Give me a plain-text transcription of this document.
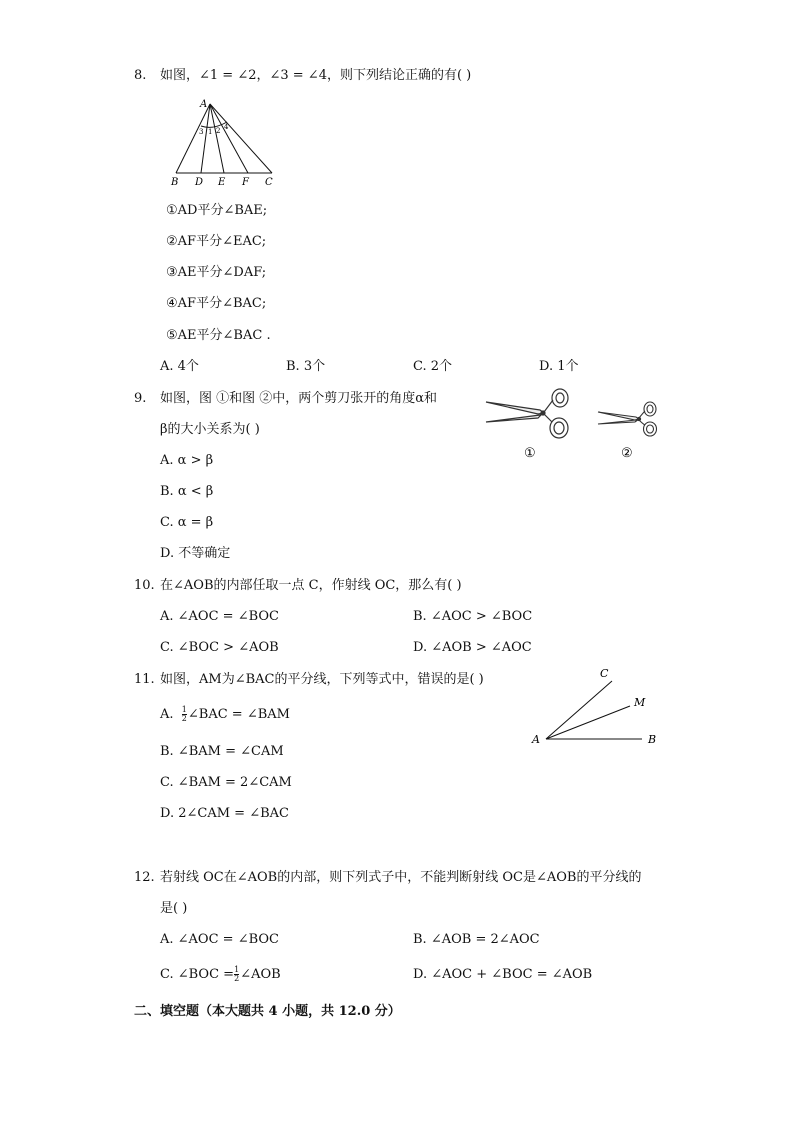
8. 如图，∠1 = ∠2，∠3 = ∠4，则下列结论正确的有( )
A
3 1 2 4
B D E F C
①AD平分∠BAE;
②AF平分∠EAC;
③AE平分∠DAF;
④AF平分∠BAC;
⑤AE平分∠BAC .
A. 4个	B. 3个	C. 2个	D. 1个
9. 如图，图 ①和图 ②中，两个剪刀张开的角度α和
β的大小关系为( )
①	②
A. α > β
B. α < β
C. α = β
D. 不等确定
10. 在∠AOB的内部任取一点 C，作射线 OC，那么有( )
A. ∠AOC = ∠BOC	B. ∠AOC > ∠BOC
C. ∠BOC > ∠AOB	D. ∠AOB > ∠AOC
11. 如图，AM为∠BAC的平分线，下列等式中，错误的是( )	C
M
A	B
A. $\frac{1}{2}$ ∠BAC = ∠BAM
B. ∠BAM = ∠CAM
C. ∠BAM = 2∠CAM
D. 2∠CAM = ∠BAC
12. 若射线 OC在∠AOB的内部，则下列式子中，不能判断射线 OC是∠AOB的平分线的
是( )
A. ∠AOC = ∠BOC	B. ∠AOB = 2∠AOC
C. ∠BOC = $\frac{1}{2}$ ∠AOB	D. ∠AOC + ∠BOC = ∠AOB
二、填空题（本大题共 4 小题，共 12.0 分）
